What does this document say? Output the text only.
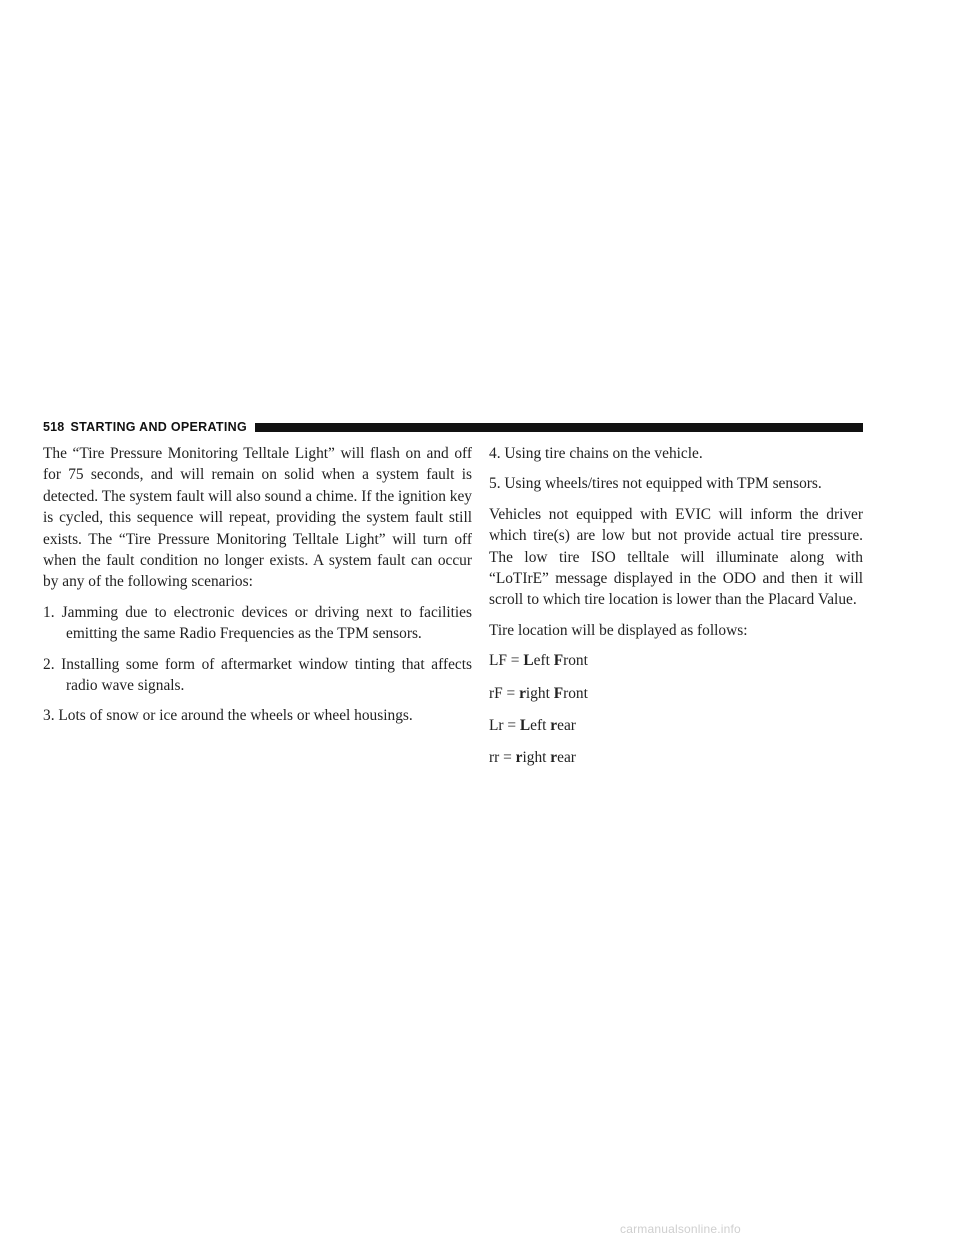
518 STARTING AND OPERATING

The “Tire Pressure Monitoring Telltale Light” will flash on and off for 75 seconds, and will remain on solid when a system fault is detected. The system fault will also sound a chime. If the ignition key is cycled, this sequence will repeat, providing the system fault still exists. The “Tire Pressure Monitoring Telltale Light” will turn off when the fault condition no longer exists. A system fault can occur by any of the following scenarios:

1. Jamming due to electronic devices or driving next to facilities emitting the same Radio Frequencies as the TPM sensors.
2. Installing some form of aftermarket window tinting that affects radio wave signals.
3. Lots of snow or ice around the wheels or wheel housings.
4. Using tire chains on the vehicle.
5. Using wheels/tires not equipped with TPM sensors.

Vehicles not equipped with EVIC will inform the driver which tire(s) are low but not provide actual tire pressure. The low tire ISO telltale will illuminate along with “LoTIrE” message displayed in the ODO and then it will scroll to which tire location is lower than the Placard Value.

Tire location will be displayed as follows:
LF = Left Front
rF = right Front
Lr = Left rear
rr = right rear
carmanualsonline.info
